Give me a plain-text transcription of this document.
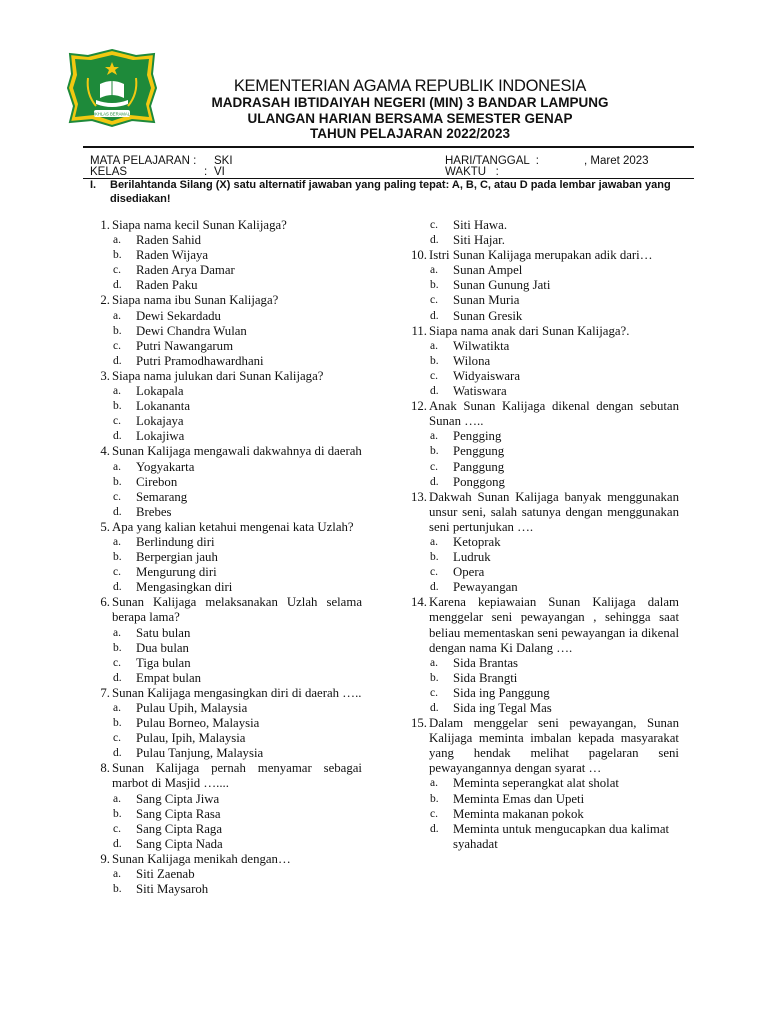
IKHLAS BERAMAL
KEMENTERIAN AGAMA REPUBLIK INDONESIA
MADRASAH IBTIDAIYAH NEGERI (MIN) 3 BANDAR LAMPUNG
ULANGAN HARIAN BERSAMA SEMESTER GENAP
TAHUN PELAJARAN 2022/2023
MATA PELAJARAN : SKI
KELAS	: VI
HARI/TANGGAL  :	, Maret 2023
WAKTU   :
I. Berilahtanda Silang (X) satu alternatif jawaban yang paling tepat: A, B, C, atau D pada lembar jawaban yang disediakan!
1. Siapa nama kecil Sunan Kalijaga?
a. Raden Sahid
b. Raden Wijaya
c. Raden Arya Damar
d. Raden Paku
2. Siapa nama ibu Sunan Kalijaga?
a. Dewi Sekardadu
b. Dewi Chandra Wulan
c. Putri Nawangarum
d. Putri Pramodhawardhani
3. Siapa nama julukan dari Sunan Kalijaga?
a. Lokapala
b. Lokananta
c. Lokajaya
d. Lokajiwa
4. Sunan Kalijaga mengawali dakwahnya di daerah
a. Yogyakarta
b. Cirebon
c. Semarang
d. Brebes
5. Apa yang kalian ketahui mengenai kata Uzlah?
a. Berlindung diri
b. Berpergian jauh
c. Mengurung diri
d. Mengasingkan diri
6. Sunan Kalijaga melaksanakan Uzlah selama berapa lama?
a. Satu bulan
b. Dua bulan
c. Tiga bulan
d. Empat bulan
7. Sunan Kalijaga mengasingkan diri di daerah …..
a. Pulau Upih, Malaysia
b. Pulau Borneo, Malaysia
c. Pulau, Ipih, Malaysia
d. Pulau Tanjung, Malaysia
8. Sunan Kalijaga pernah menyamar sebagai marbot di Masjid …....
a. Sang Cipta Jiwa
b. Sang Cipta Rasa
c. Sang Cipta Raga
d. Sang Cipta Nada
9. Sunan Kalijaga menikah dengan…
a. Siti Zaenab
b. Siti Maysaroh
c. Siti Hawa.
d. Siti Hajar.
10. Istri Sunan Kalijaga merupakan adik dari…
a. Sunan Ampel
b. Sunan Gunung Jati
c. Sunan Muria
d. Sunan Gresik
11. Siapa nama anak dari Sunan Kalijaga?.
a. Wilwatikta
b. Wilona
c. Widyaiswara
d. Watiswara
12. Anak Sunan Kalijaga dikenal dengan sebutan Sunan …..
a. Pengging
b. Penggung
c. Panggung
d. Ponggong
13. Dakwah Sunan Kalijaga banyak menggunakan unsur seni, salah satunya dengan menggunakan seni pertunjukan ….
a. Ketoprak
b. Ludruk
c. Opera
d. Pewayangan
14. Karena kepiawaian Sunan Kalijaga dalam menggelar seni pewayangan , sehingga saat beliau mementaskan seni pewayangan ia dikenal dengan nama Ki Dalang ….
a. Sida Brantas
b. Sida Brangti
c. Sida ing Panggung
d. Sida ing Tegal Mas
15. Dalam menggelar seni pewayangan, Sunan Kalijaga meminta imbalan kepada masyarakat yang hendak melihat pagelaran seni pewayangannya dengan syarat …
a. Meminta seperangkat alat sholat
b. Meminta Emas dan Upeti
c. Meminta makanan pokok
d. Meminta untuk mengucapkan dua kalimat syahadat
